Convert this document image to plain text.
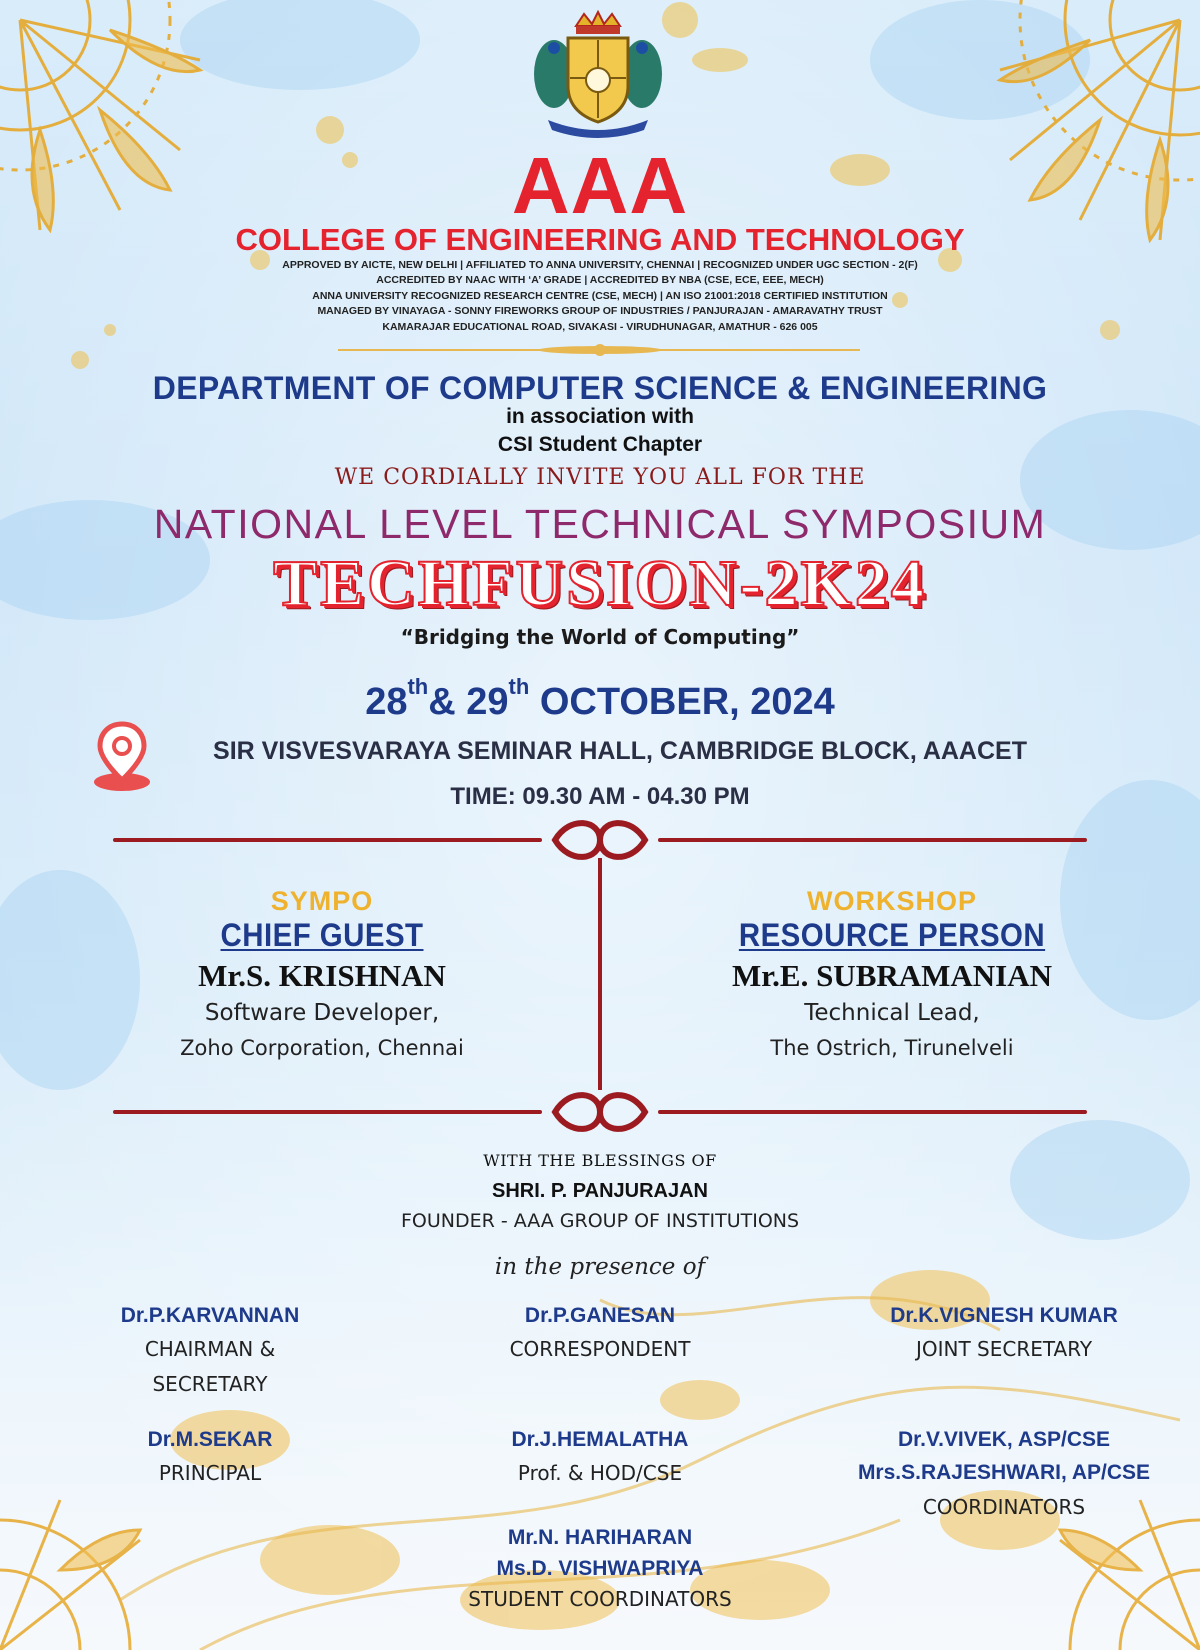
AAA
COLLEGE OF ENGINEERING AND TECHNOLOGY
APPROVED BY AICTE, NEW DELHI | AFFILIATED TO ANNA UNIVERSITY, CHENNAI | RECOGNIZED UNDER UGC SECTION - 2(F)
ACCREDITED BY NAAC WITH ‘A’ GRADE | ACCREDITED BY NBA (CSE, ECE, EEE, MECH)
ANNA UNIVERSITY RECOGNIZED RESEARCH CENTRE (CSE, MECH) | AN ISO 21001:2018 CERTIFIED INSTITUTION
MANAGED BY VINAYAGA - SONNY FIREWORKS GROUP OF INDUSTRIES / PANJURAJAN - AMARAVATHY TRUST
KAMARAJAR EDUCATIONAL ROAD, SIVAKASI - VIRUDHUNAGAR, AMATHUR - 626 005
DEPARTMENT OF COMPUTER SCIENCE & ENGINEERING
in association with
CSI Student Chapter
WE CORDIALLY INVITE YOU ALL FOR THE
NATIONAL LEVEL TECHNICAL SYMPOSIUM
TECHFUSION-2K24
“Bridging the World of Computing”
28th& 29th OCTOBER, 2024
SIR VISVESVARAYA SEMINAR HALL, CAMBRIDGE BLOCK, AAACET
TIME: 09.30 AM - 04.30 PM
SYMPO
CHIEF GUEST
Mr.S. KRISHNAN
Software Developer,
Zoho Corporation, Chennai
WORKSHOP
RESOURCE PERSON
Mr.E. SUBRAMANIAN
Technical Lead,
The Ostrich, Tirunelveli
WITH THE BLESSINGS OF
SHRI. P. PANJURAJAN
FOUNDER - AAA GROUP OF INSTITUTIONS
in the presence of
Dr.P.KARVANNAN
CHAIRMAN &
SECRETARY
Dr.P.GANESAN
CORRESPONDENT
Dr.K.VIGNESH KUMAR
JOINT SECRETARY
Dr.M.SEKAR
PRINCIPAL
Dr.J.HEMALATHA
Prof. & HOD/CSE
Dr.V.VIVEK, ASP/CSE
Mrs.S.RAJESHWARI, AP/CSE
COORDINATORS
Mr.N. HARIHARAN
Ms.D. VISHWAPRIYA
STUDENT COORDINATORS
